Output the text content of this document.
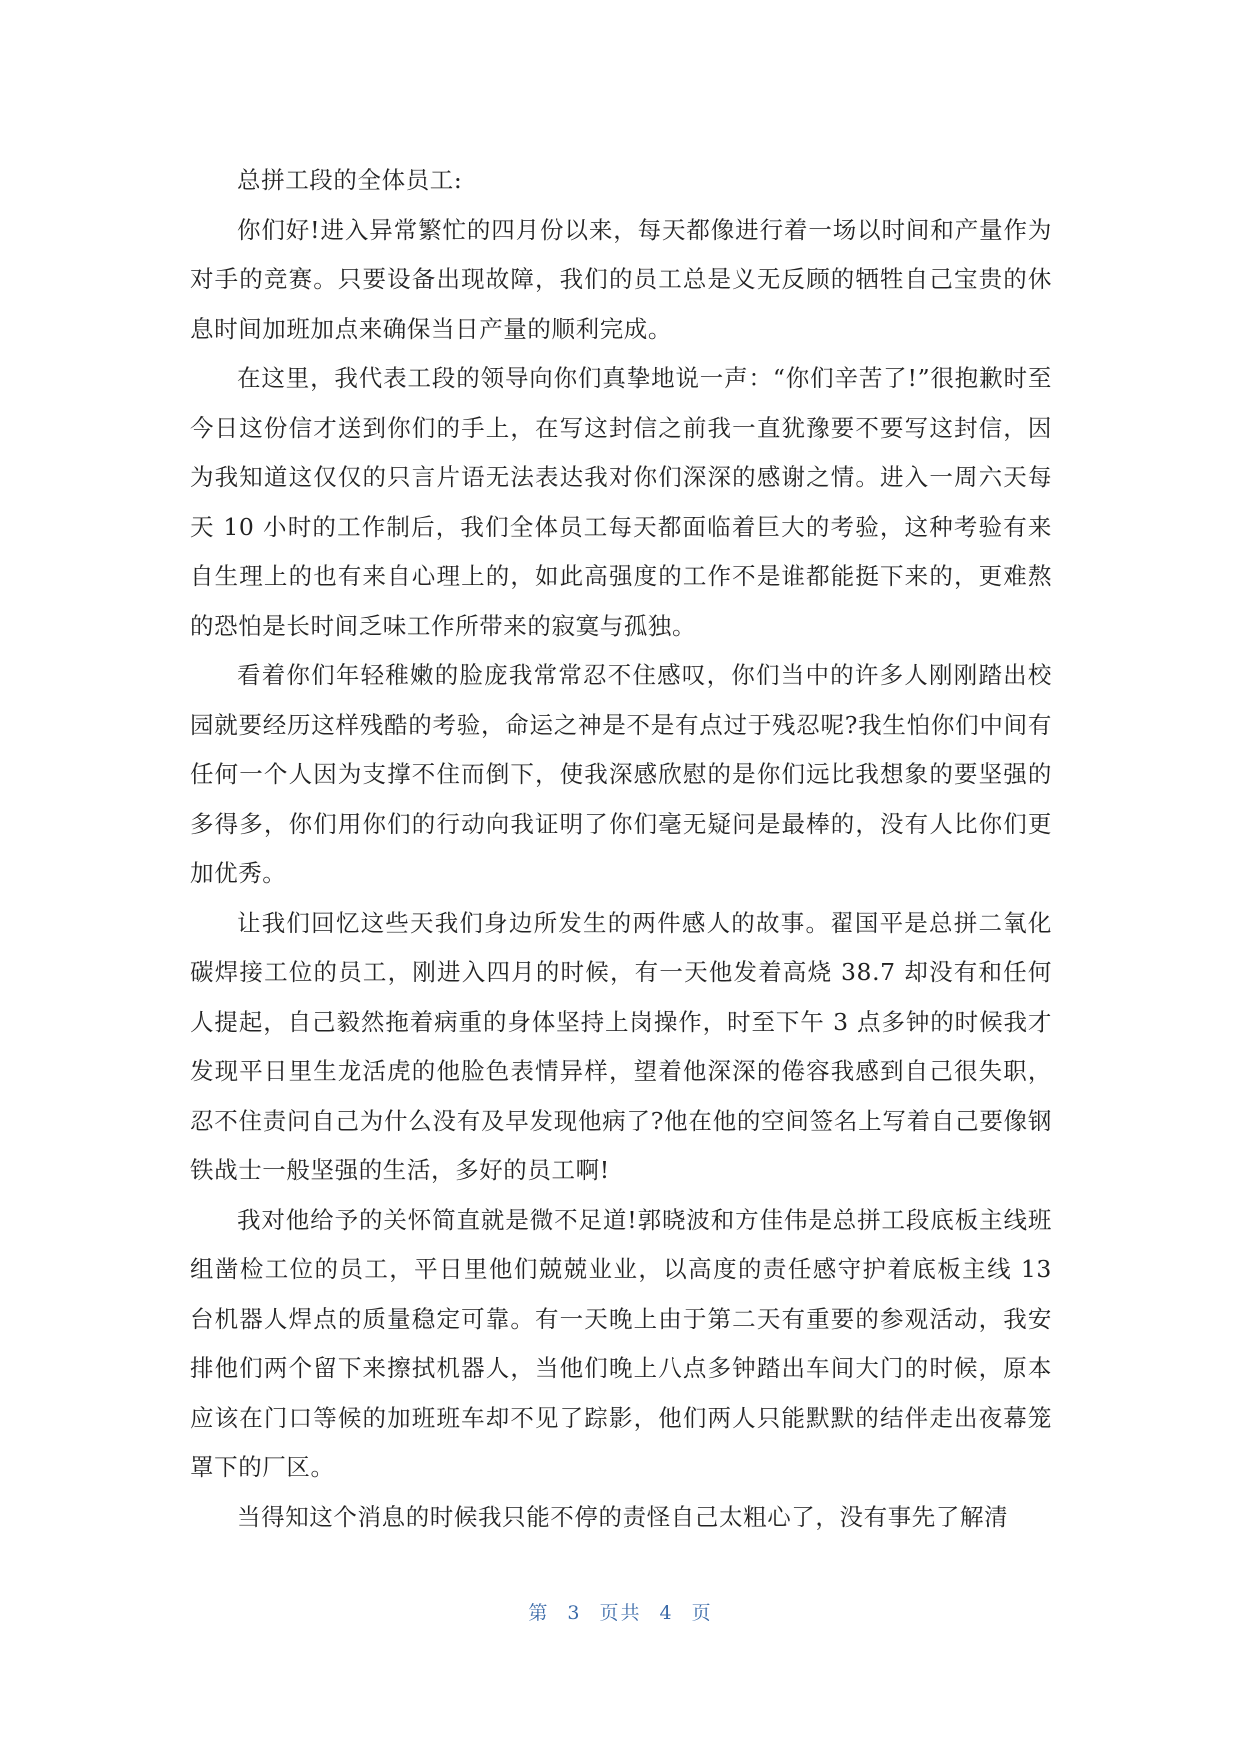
总拼工段的全体员工:

你们好!进入异常繁忙的四月份以来，每天都像进行着一场以时间和产量作为对手的竞赛。只要设备出现故障，我们的员工总是义无反顾的牺牲自己宝贵的休息时间加班加点来确保当日产量的顺利完成。

在这里，我代表工段的领导向你们真挚地说一声：“你们辛苦了!”很抱歉时至今日这份信才送到你们的手上，在写这封信之前我一直犹豫要不要写这封信，因为我知道这仅仅的只言片语无法表达我对你们深深的感谢之情。进入一周六天每天 10 小时的工作制后，我们全体员工每天都面临着巨大的考验，这种考验有来自生理上的也有来自心理上的，如此高强度的工作不是谁都能挺下来的，更难熬的恐怕是长时间乏味工作所带来的寂寞与孤独。

看着你们年轻稚嫩的脸庞我常常忍不住感叹，你们当中的许多人刚刚踏出校园就要经历这样残酷的考验，命运之神是不是有点过于残忍呢?我生怕你们中间有任何一个人因为支撑不住而倒下，使我深感欣慰的是你们远比我想象的要坚强的多得多，你们用你们的行动向我证明了你们毫无疑问是最棒的，没有人比你们更加优秀。

让我们回忆这些天我们身边所发生的两件感人的故事。翟国平是总拼二氧化碳焊接工位的员工，刚进入四月的时候，有一天他发着高烧 38.7 却没有和任何人提起，自己毅然拖着病重的身体坚持上岗操作，时至下午 3 点多钟的时候我才发现平日里生龙活虎的他脸色表情异样，望着他深深的倦容我感到自己很失职，忍不住责问自己为什么没有及早发现他病了?他在他的空间签名上写着自己要像钢铁战士一般坚强的生活，多好的员工啊!

我对他给予的关怀简直就是微不足道!郭晓波和方佳伟是总拼工段底板主线班组凿检工位的员工，平日里他们兢兢业业，以高度的责任感守护着底板主线 13 台机器人焊点的质量稳定可靠。有一天晚上由于第二天有重要的参观活动，我安排他们两个留下来擦拭机器人，当他们晚上八点多钟踏出车间大门的时候，原本应该在门口等候的加班班车却不见了踪影，他们两人只能默默的结伴走出夜幕笼罩下的厂区。

当得知这个消息的时候我只能不停的责怪自己太粗心了，没有事先了解清

第 3 页共 4 页
